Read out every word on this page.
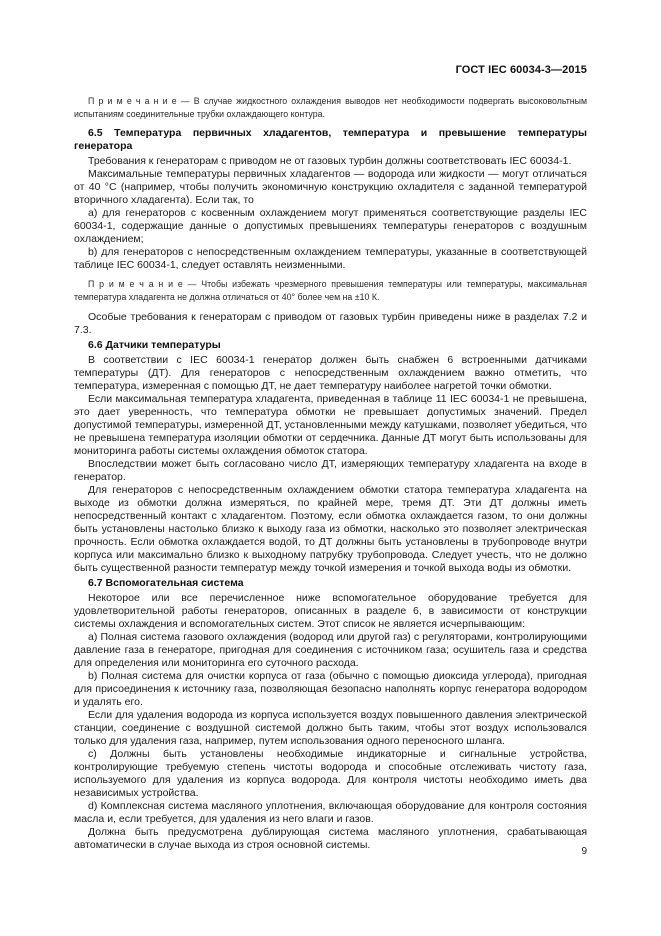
ГОСТ IEC 60034-3—2015
П р и м е ч а н и е — В случае жидкостного охлаждения выводов нет необходимости подвергать высоковольтным испытаниям соединительные трубки охлаждающего контура.
6.5 Температура первичных хладагентов, температура и превышение температуры генератора

Требования к генераторам с приводом не от газовых турбин должны соответствовать IEC 60034-1.

Максимальные температуры первичных хладагентов — водорода или жидкости — могут отличаться от 40 °С (например, чтобы получить экономичную конструкцию охладителя с заданной температурой вторичного хладагента). Если так, то

а) для генераторов с косвенным охлаждением могут применяться соответствующие разделы IEC 60034-1, содержащие данные о допустимых превышениях температуры генераторов с воздушным охлаждением;

b) для генераторов с непосредственным охлаждением температуры, указанные в соответствующей таблице IEC 60034-1, следует оставлять неизменными.

П р и м е ч а н и е — Чтобы избежать чрезмерного превышения температуры или температуры, максимальная температура хладагента не должна отличаться от 40° более чем на ±10 К.

Особые требования к генераторам с приводом от газовых турбин приведены ниже в разделах 7.2 и 7.3.

6.6 Датчики температуры

В соответствии с IEC 60034-1 генератор должен быть снабжен 6 встроенными датчиками температуры (ДТ). Для генераторов с непосредственным охлаждением важно отметить, что температура, измеренная с помощью ДТ, не дает температуру наиболее нагретой точки обмотки.

Если максимальная температура хладагента, приведенная в таблице 11 IEC 60034-1 не превышена, это дает уверенность, что температура обмотки не превышает допустимых значений. Предел допустимой температуры, измеренной ДТ, установленными между катушками, позволяет убедиться, что не превышена температура изоляции обмотки от сердечника. Данные ДТ могут быть использованы для мониторинга работы системы охлаждения обмоток статора.

Впоследствии может быть согласовано число ДТ, измеряющих температуру хладагента на входе в генератор.

Для генераторов с непосредственным охлаждением обмотки статора температура хладагента на выходе из обмотки должна измеряться, по крайней мере, тремя ДТ. Эти ДТ должны иметь непосредственный контакт с хладагентом. Поэтому, если обмотка охлаждается газом, то они должны быть установлены настолько близко к выходу газа из обмотки, насколько это позволяет электрическая прочность. Если обмотка охлаждается водой, то ДТ должны быть установлены в трубопроводе внутри корпуса или максимально близко к выходному патрубку трубопровода. Следует учесть, что не должно быть существенной разности температур между точкой измерения и точкой выхода воды из обмотки.

6.7 Вспомогательная система

Некоторое или все перечисленное ниже вспомогательное оборудование требуется для удовлетворительной работы генераторов, описанных в разделе 6, в зависимости от конструкции системы охлаждения и вспомогательных систем. Этот список не является исчерпывающим:

а) Полная система газового охлаждения (водород или другой газ) с регуляторами, контролирующими давление газа в генераторе, пригодная для соединения с источником газа; осушитель газа и средства для определения или мониторинга его суточного расхода.

b) Полная система для очистки корпуса от газа (обычно с помощью диоксида углерода), пригодная для присоединения к источнику газа, позволяющая безопасно наполнять корпус генератора водородом и удалять его.

Если для удаления водорода из корпуса используется воздух повышенного давления электрической станции, соединение с воздушной системой должно быть таким, чтобы этот воздух использовался только для удаления газа, например, путем использования одного переносного шланга.

с) Должны быть установлены необходимые индикаторные и сигнальные устройства, контролирующие требуемую степень чистоты водорода и способные отслеживать чистоту газа, используемого для удаления из корпуса водорода. Для контроля чистоты необходимо иметь два независимых устройства.

d) Комплексная система масляного уплотнения, включающая оборудование для контроля состояния масла и, если требуется, для удаления из него влаги и газов.

Должна быть предусмотрена дублирующая система масляного уплотнения, срабатывающая автоматически в случае выхода из строя основной системы.

9
